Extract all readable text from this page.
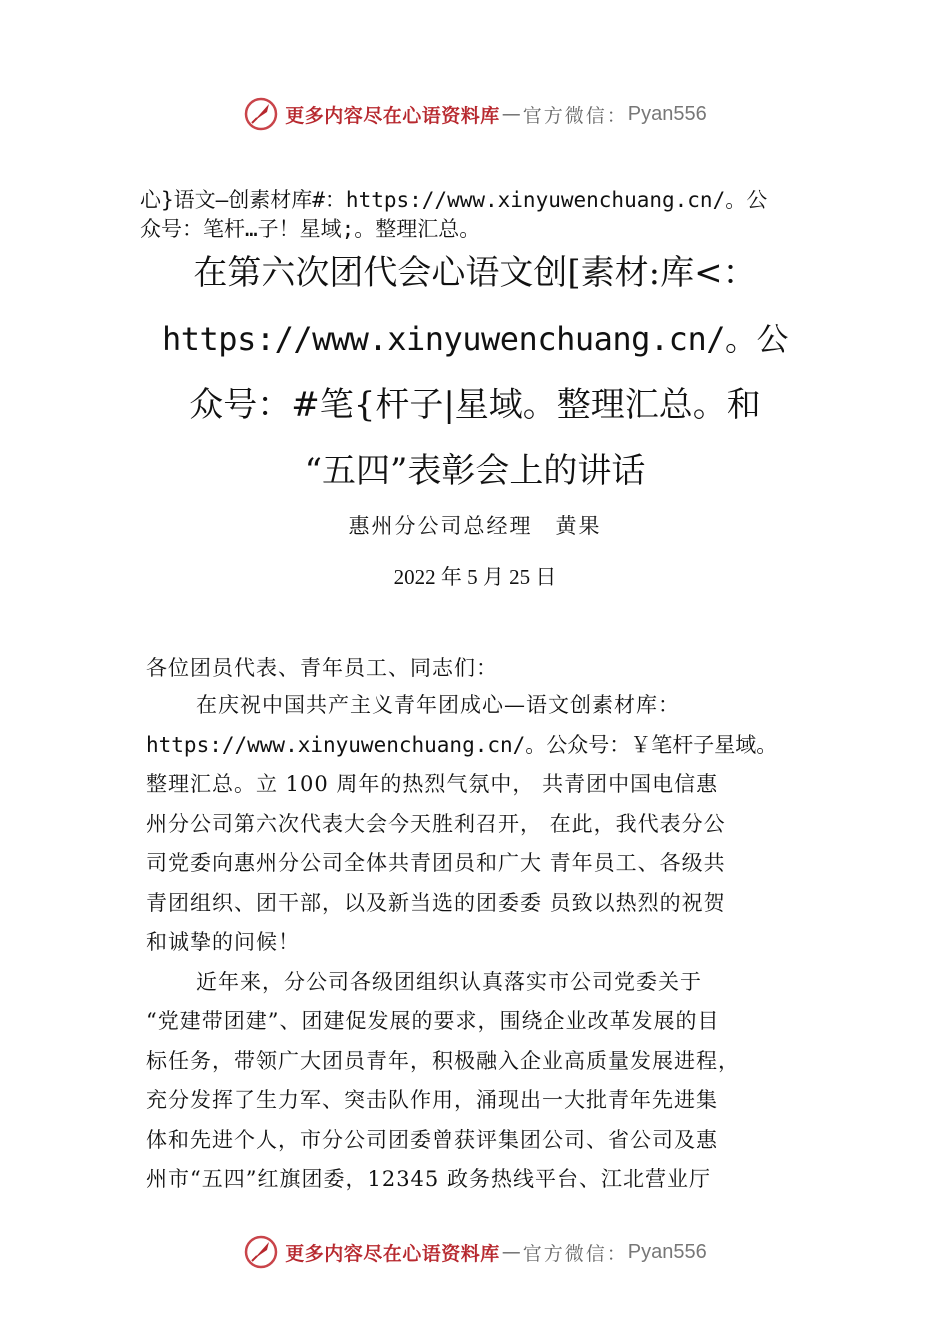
更多内容尽在心语资料库 — 官方微信： Pyan556
心}语文—创素材库#：https://www.xinyuwenchuang.cn/。公
众号：笔杆…子！星域;。整理汇总。
在第六次团代会心语文创[素材:库<：
https://www.xinyuwenchuang.cn/。公
众号：#笔{杆子|星域。整理汇总。和
“五四”表彰会上的讲话
惠州分公司总经理　黄果
2022 年 5 月 25 日
各位团员代表、青年员工、同志们：

在庆祝中国共产主义青年团成心—语文创素材库：

https://www.xinyuwenchuang.cn/。公众号：￥笔杆子星域。

整理汇总。立 100 周年的热烈气氛中， 共青团中国电信惠

州分公司第六次代表大会今天胜利召开， 在此，我代表分公

司党委向惠州分公司全体共青团员和广大 青年员工、各级共

青团组织、团干部，以及新当选的团委委 员致以热烈的祝贺

和诚挚的问候！

近年来，分公司各级团组织认真落实市公司党委关于

“党建带团建”、团建促发展的要求，围绕企业改革发展的目

标任务，带领广大团员青年，积极融入企业高质量发展进程，

充分发挥了生力军、突击队作用，涌现出一大批青年先进集

体和先进个人，市分公司团委曾获评集团公司、省公司及惠

州市“五四”红旗团委，12345 政务热线平台、江北营业厅

更多内容尽在心语资料库 — 官方微信： Pyan556
